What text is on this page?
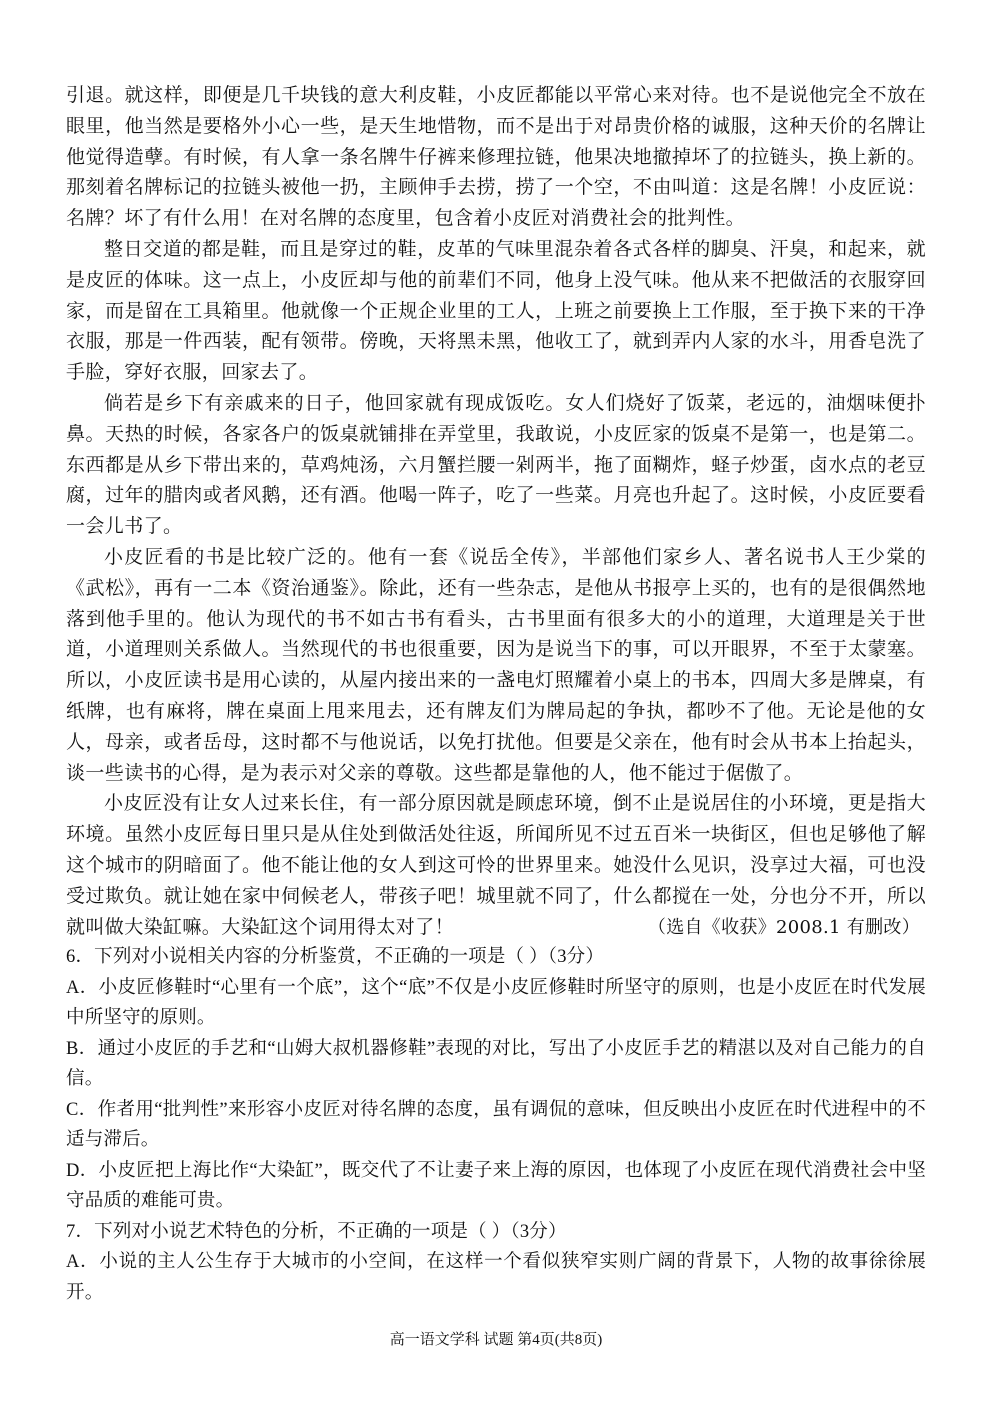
引退。就这样，即便是几千块钱的意大利皮鞋，小皮匠都能以平常心来对待。也不是说他完全不放在眼里，他当然是要格外小心一些，是天生地惜物，而不是出于对昂贵价格的诚服，这种天价的名牌让他觉得造孽。有时候，有人拿一条名牌牛仔裤来修理拉链，他果决地撤掉坏了的拉链头，换上新的。那刻着名牌标记的拉链头被他一扔，主顾伸手去捞，捞了一个空，不由叫道：这是名牌！小皮匠说：名牌？坏了有什么用！在对名牌的态度里，包含着小皮匠对消费社会的批判性。

整日交道的都是鞋，而且是穿过的鞋，皮革的气味里混杂着各式各样的脚臭、汗臭，和起来，就是皮匠的体味。这一点上，小皮匠却与他的前辈们不同，他身上没气味。他从来不把做活的衣服穿回家，而是留在工具箱里。他就像一个正规企业里的工人，上班之前要换上工作服，至于换下来的干净衣服，那是一件西装，配有领带。傍晚，天将黑未黑，他收工了，就到弄内人家的水斗，用香皂洗了手脸，穿好衣服，回家去了。

倘若是乡下有亲戚来的日子，他回家就有现成饭吃。女人们烧好了饭菜，老远的，油烟味便扑鼻。天热的时候，各家各户的饭桌就铺排在弄堂里，我敢说，小皮匠家的饭桌不是第一，也是第二。东西都是从乡下带出来的，草鸡炖汤，六月蟹拦腰一剁两半，拖了面糊炸，蛏子炒蛋，卤水点的老豆腐，过年的腊肉或者风鹅，还有酒。他喝一阵子，吃了一些菜。月亮也升起了。这时候，小皮匠要看一会儿书了。

小皮匠看的书是比较广泛的。他有一套《说岳全传》，半部他们家乡人、著名说书人王少棠的《武松》，再有一二本《资治通鉴》。除此，还有一些杂志，是他从书报亭上买的，也有的是很偶然地落到他手里的。他认为现代的书不如古书有看头，古书里面有很多大的小的道理，大道理是关于世道，小道理则关系做人。当然现代的书也很重要，因为是说当下的事，可以开眼界，不至于太蒙塞。所以，小皮匠读书是用心读的，从屋内接出来的一盏电灯照耀着小桌上的书本，四周大多是牌桌，有纸牌，也有麻将，牌在桌面上甩来甩去，还有牌友们为牌局起的争执，都吵不了他。无论是他的女人，母亲，或者岳母，这时都不与他说话，以免打扰他。但要是父亲在，他有时会从书本上抬起头，谈一些读书的心得，是为表示对父亲的尊敬。这些都是靠他的人，他不能过于倨傲了。

小皮匠没有让女人过来长住，有一部分原因就是顾虑环境，倒不止是说居住的小环境，更是指大环境。虽然小皮匠每日里只是从住处到做活处往返，所闻所见不过五百米一块街区，但也足够他了解这个城市的阴暗面了。他不能让他的女人到这可怜的世界里来。她没什么见识，没享过大福，可也没受过欺负。就让她在家中伺候老人，带孩子吧！城里就不同了，什么都搅在一处，分也分不开，所以就叫做大染缸嘛。大染缸这个词用得太对了！	（选自《收获》2008.1 有删改）

6．下列对小说相关内容的分析鉴赏，不正确的一项是（ ）（3分）

A．小皮匠修鞋时“心里有一个底”，这个“底”不仅是小皮匠修鞋时所坚守的原则，也是小皮匠在时代发展中所坚守的原则。

B．通过小皮匠的手艺和“山姆大叔机器修鞋”表现的对比，写出了小皮匠手艺的精湛以及对自己能力的自信。

C．作者用“批判性”来形容小皮匠对待名牌的态度，虽有调侃的意味，但反映出小皮匠在时代进程中的不适与滞后。

D．小皮匠把上海比作“大染缸”，既交代了不让妻子来上海的原因，也体现了小皮匠在现代消费社会中坚守品质的难能可贵。

7．下列对小说艺术特色的分析，不正确的一项是（ ）（3分）

A．小说的主人公生存于大城市的小空间，在这样一个看似狭窄实则广阔的背景下，人物的故事徐徐展开。

高一语文学科 试题 第4页(共8页)
